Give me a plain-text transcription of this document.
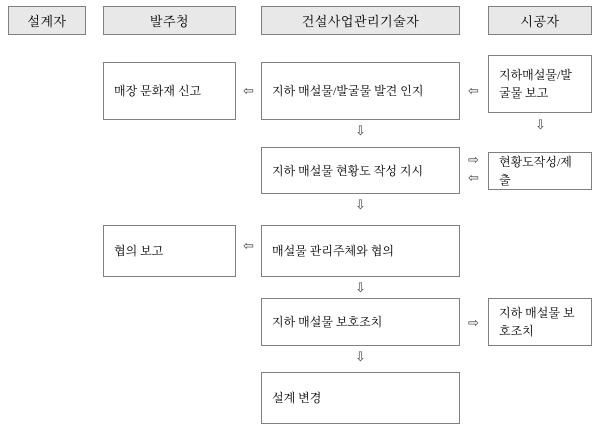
설계자	발주청	건설사업관리기술자	시공자
매장 문화재 신고	⇦ 지하 매설물/발굴물 발견 인지	⇦
지하매설물/발굴물 보고
⇩	⇩
지하 매설물 현황도 작성 지시
⇨
⇦
현황도작성/제출
⇩
협의 보고	⇦ 매설물 관리주체와 협의
⇩
지하 매설물 보호조치	⇨
지하 매설물 보호조치
⇩
설계 변경
